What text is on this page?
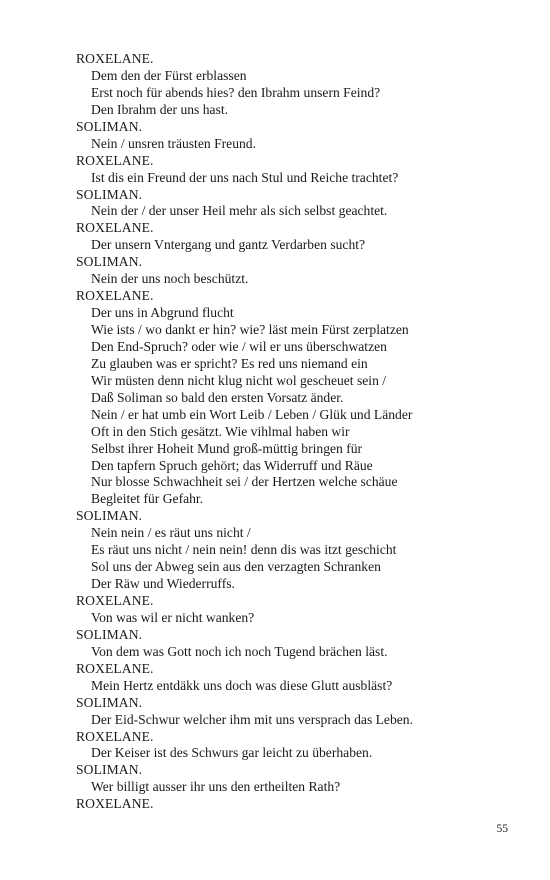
ROXELANE.
Dem den der Fürst erblassen
Erst noch für abends hies? den Ibrahm unsern Feind?
Den Ibrahm der uns hast.
SOLIMAN.
Nein / unsren träusten Freund.
ROXELANE.
Ist dis ein Freund der uns nach Stul und Reiche trachtet?
SOLIMAN.
Nein der / der unser Heil mehr als sich selbst geachtet.
ROXELANE.
Der unsern Vntergang und gantz Verdarben sucht?
SOLIMAN.
Nein der uns noch beschützt.
ROXELANE.
Der uns in Abgrund flucht
Wie ists / wo dankt er hin? wie? läst mein Fürst zerplatzen
Den End-Spruch? oder wie / wil er uns überschwatzen
Zu glauben was er spricht? Es red uns niemand ein
Wir müsten denn nicht klug nicht wol gescheuet sein /
Daß Soliman so bald den ersten Vorsatz änder.
Nein / er hat umb ein Wort Leib / Leben / Glük und Länder
Oft in den Stich gesätzt. Wie vihlmal haben wir
Selbst ihrer Hoheit Mund groß-müttig bringen für
Den tapfern Spruch gehört; das Widerruff und Räue
Nur blosse Schwachheit sei / der Hertzen welche schäue
Begleitet für Gefahr.
SOLIMAN.
Nein nein / es räut uns nicht /
Es räut uns nicht / nein nein! denn dis was itzt geschicht
Sol uns der Abweg sein aus den verzagten Schranken
Der Räw und Wiederruffs.
ROXELANE.
Von was wil er nicht wanken?
SOLIMAN.
Von dem was Gott noch ich noch Tugend brächen läst.
ROXELANE.
Mein Hertz entdäkk uns doch was diese Glutt ausbläst?
SOLIMAN.
Der Eid-Schwur welcher ihm mit uns versprach das Leben.
ROXELANE.
Der Keiser ist des Schwurs gar leicht zu überhaben.
SOLIMAN.
Wer billigt ausser ihr uns den ertheilten Rath?
ROXELANE.
55
